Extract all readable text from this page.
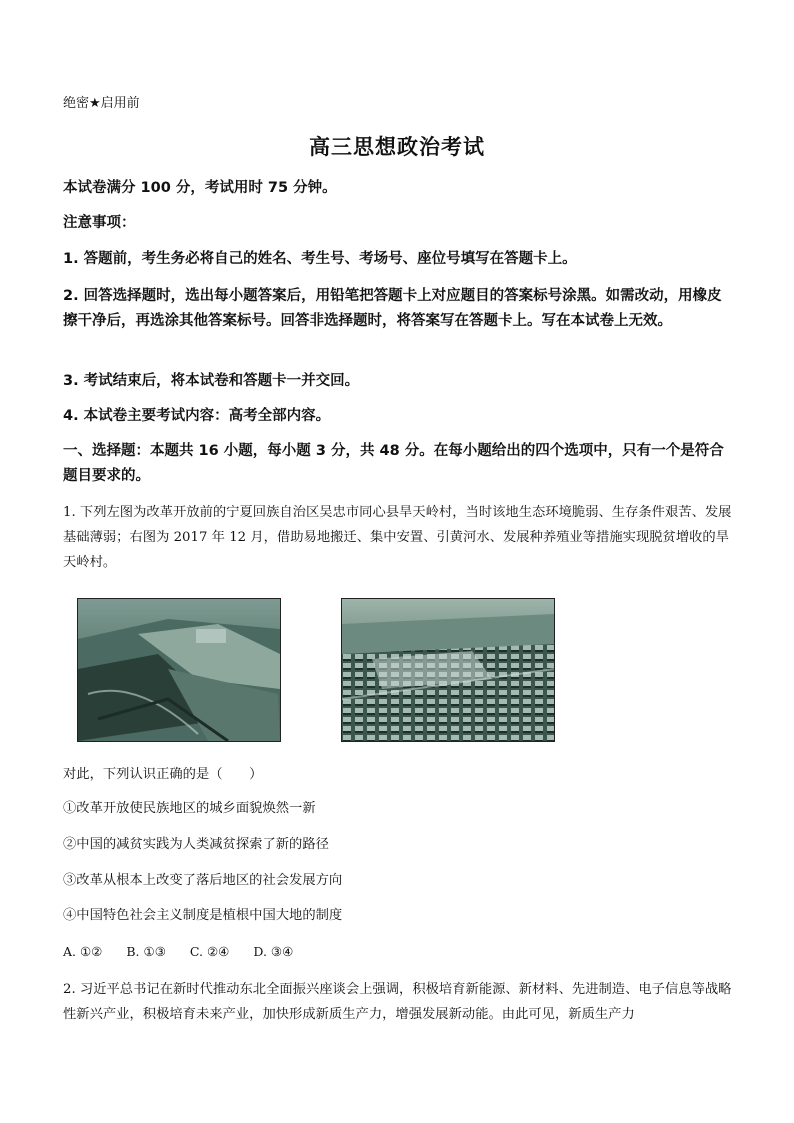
绝密★启用前
高三思想政治考试
本试卷满分 100 分，考试用时 75 分钟。
注意事项：
1. 答题前，考生务必将自己的姓名、考生号、考场号、座位号填写在答题卡上。
2. 回答选择题时，选出每小题答案后，用铅笔把答题卡上对应题目的答案标号涂黑。如需改动，用橡皮擦干净后，再选涂其他答案标号。回答非选择题时，将答案写在答题卡上。写在本试卷上无效。
3. 考试结束后，将本试卷和答题卡一并交回。
4. 本试卷主要考试内容：高考全部内容。
一、选择题：本题共 16 小题，每小题 3 分，共 48 分。在每小题给出的四个选项中，只有一个是符合题目要求的。
1. 下列左图为改革开放前的宁夏回族自治区吴忠市同心县旱天岭村，当时该地生态环境脆弱、生存条件艰苦、发展基础薄弱；右图为 2017 年 12 月，借助易地搬迁、集中安置、引黄河水、发展种养殖业等措施实现脱贫增收的旱天岭村。
对此，下列认识正确的是（　　）
①改革开放使民族地区的城乡面貌焕然一新
②中国的减贫实践为人类减贫探索了新的路径
③改革从根本上改变了落后地区的社会发展方向
④中国特色社会主义制度是植根中国大地的制度
A. ①② B. ①③ C. ②④ D. ③④
2. 习近平总书记在新时代推动东北全面振兴座谈会上强调，积极培育新能源、新材料、先进制造、电子信息等战略性新兴产业，积极培育未来产业，加快形成新质生产力，增强发展新动能。由此可见，新质生产力
